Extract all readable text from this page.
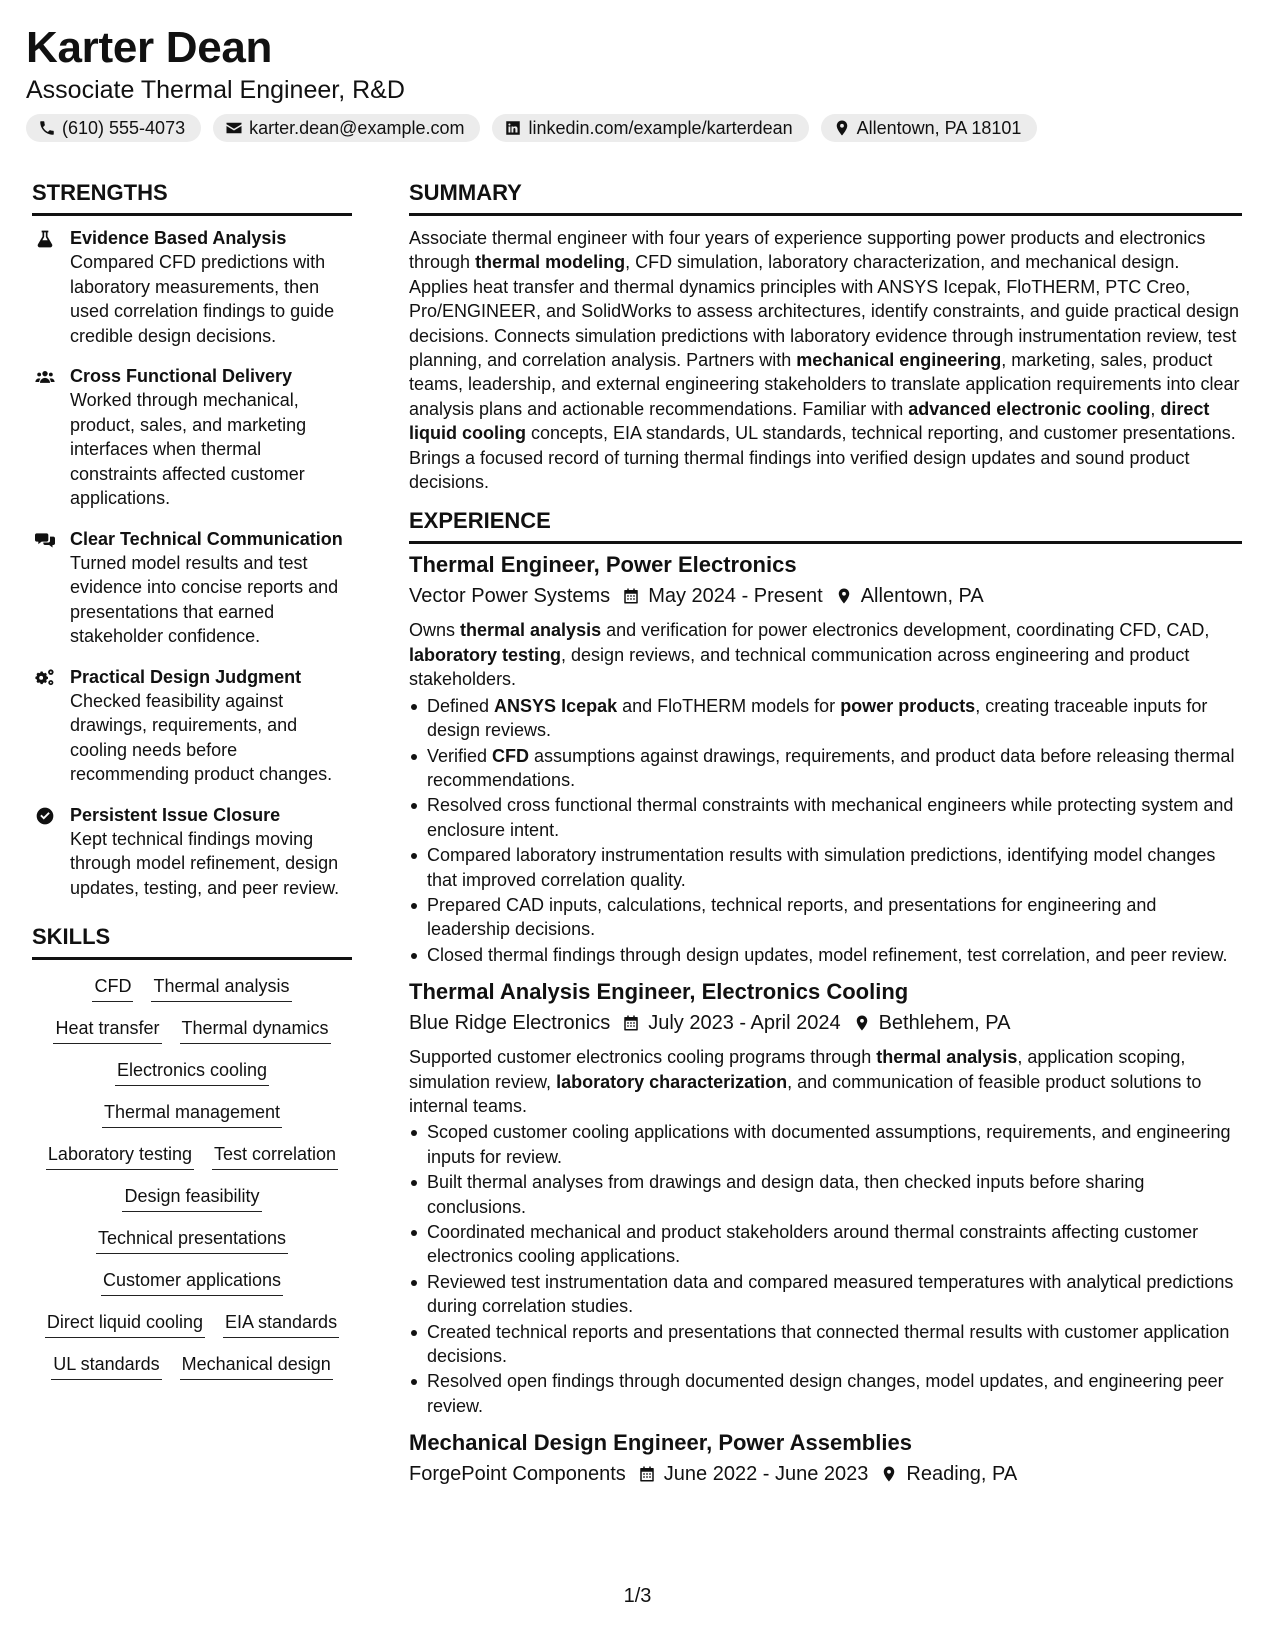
Karter Dean
Associate Thermal Engineer, R&D
(610) 555-4073	karter.dean@example.com	linkedin.com/example/karterdean	Allentown, PA 18101
STRENGTHS
Evidence Based Analysis
Compared CFD predictions with laboratory measurements, then used correlation findings to guide credible design decisions.
Cross Functional Delivery
Worked through mechanical, product, sales, and marketing interfaces when thermal constraints affected customer applications.
Clear Technical Communication
Turned model results and test evidence into concise reports and presentations that earned stakeholder confidence.
Practical Design Judgment
Checked feasibility against drawings, requirements, and cooling needs before recommending product changes.
Persistent Issue Closure
Kept technical findings moving through model refinement, design updates, testing, and peer review.
SKILLS
CFD Thermal analysis
Heat transfer Thermal dynamics
Electronics cooling
Thermal management
Laboratory testing Test correlation
Design feasibility
Technical presentations
Customer applications
Direct liquid cooling EIA standards
UL standards Mechanical design
SUMMARY
Associate thermal engineer with four years of experience supporting power products and electronics through thermal modeling, CFD simulation, laboratory characterization, and mechanical design. Applies heat transfer and thermal dynamics principles with ANSYS Icepak, FloTHERM, PTC Creo, Pro/ENGINEER, and SolidWorks to assess architectures, identify constraints, and guide practical design decisions. Connects simulation predictions with laboratory evidence through instrumentation review, test planning, and correlation analysis. Partners with mechanical engineering, marketing, sales, product teams, leadership, and external engineering stakeholders to translate application requirements into clear analysis plans and actionable recommendations. Familiar with advanced electronic cooling, direct liquid cooling concepts, EIA standards, UL standards, technical reporting, and customer presentations. Brings a focused record of turning thermal findings into verified design updates and sound product decisions.
EXPERIENCE
Thermal Engineer, Power Electronics
Vector Power Systems May 2024 - Present Allentown, PA
Owns thermal analysis and verification for power electronics development, coordinating CFD, CAD, laboratory testing, design reviews, and technical communication across engineering and product stakeholders.
Defined ANSYS Icepak and FloTHERM models for power products, creating traceable inputs for design reviews.
Verified CFD assumptions against drawings, requirements, and product data before releasing thermal recommendations.
Resolved cross functional thermal constraints with mechanical engineers while protecting system and enclosure intent.
Compared laboratory instrumentation results with simulation predictions, identifying model changes that improved correlation quality.
Prepared CAD inputs, calculations, technical reports, and presentations for engineering and leadership decisions.
Closed thermal findings through design updates, model refinement, test correlation, and peer review.
Thermal Analysis Engineer, Electronics Cooling
Blue Ridge Electronics July 2023 - April 2024 Bethlehem, PA
Supported customer electronics cooling programs through thermal analysis, application scoping, simulation review, laboratory characterization, and communication of feasible product solutions to internal teams.
Scoped customer cooling applications with documented assumptions, requirements, and engineering inputs for review.
Built thermal analyses from drawings and design data, then checked inputs before sharing conclusions.
Coordinated mechanical and product stakeholders around thermal constraints affecting customer electronics cooling applications.
Reviewed test instrumentation data and compared measured temperatures with analytical predictions during correlation studies.
Created technical reports and presentations that connected thermal results with customer application decisions.
Resolved open findings through documented design changes, model updates, and engineering peer review.
Mechanical Design Engineer, Power Assemblies
ForgePoint Components June 2022 - June 2023 Reading, PA
1/3
